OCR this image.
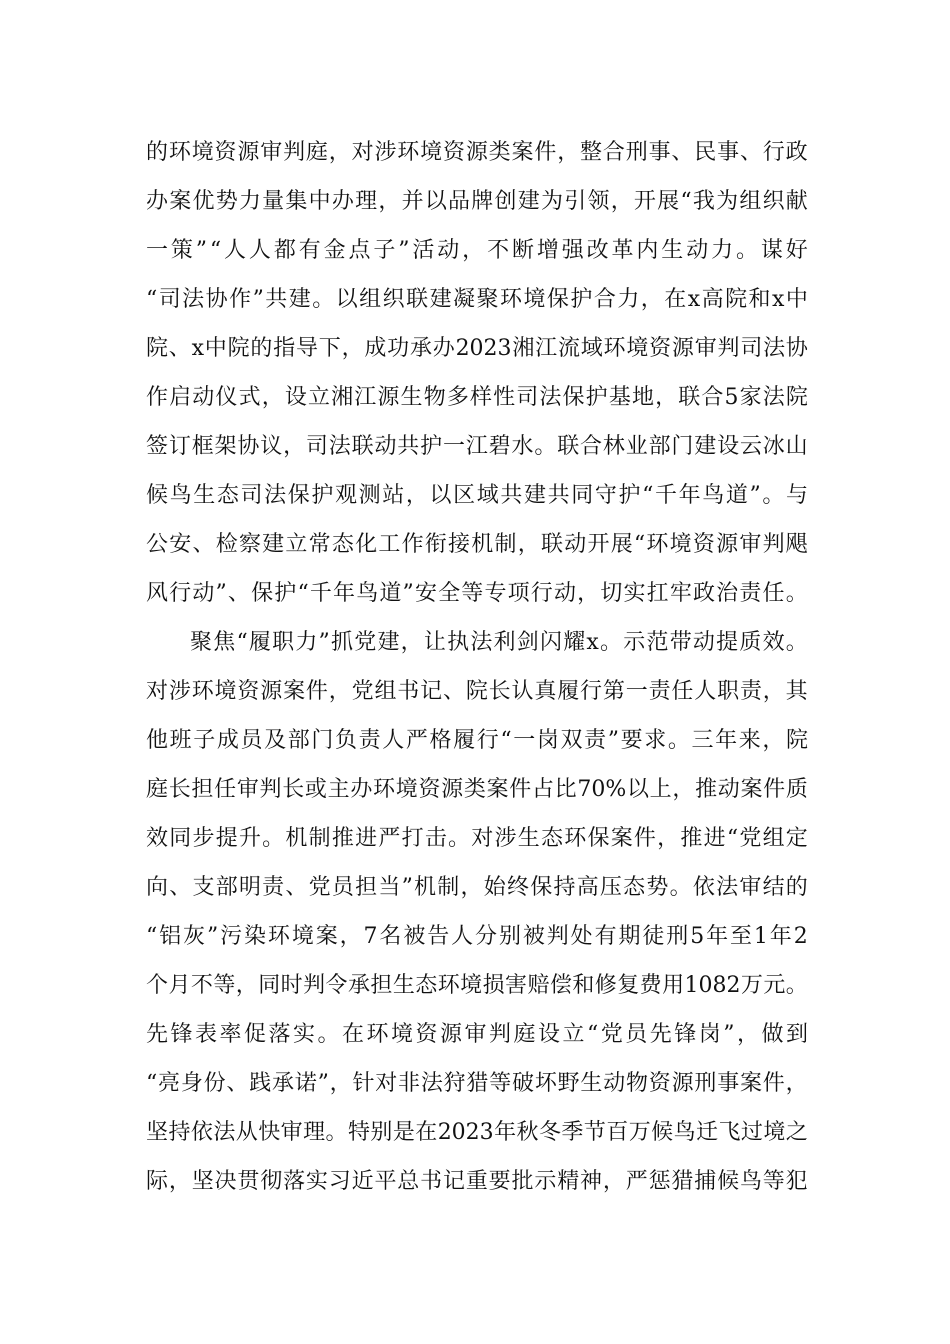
的 环 境 资 源 审 判 庭 ， 对 涉 环 境 资 源 类 案 件 ， 整 合 刑 事 、 民 事 、 行 政
办 案 优 势 力 量 集 中 办 理 ， 并 以 品 牌 创 建 为 引 领 ， 开 展 “ 我 为 组 织 献
一 策 ” “ 人 人 都 有 金 点 子 ” 活 动 ， 不 断 增 强 改 革 内 生 动 力 。 谋 好
“ 司 法 协 作 ” 共 建 。 以 组 织 联 建 凝 聚 环 境 保 护 合 力 ， 在 x 高 院 和 x 中
院 、 x 中 院 的 指 导 下 ， 成 功 承 办 2023 湘 江 流 域 环 境 资 源 审 判 司 法 协
作 启 动 仪 式 ， 设 立 湘 江 源 生 物 多 样 性 司 法 保 护 基 地 ， 联 合 5 家 法 院
签 订 框 架 协 议 ， 司 法 联 动 共 护 一 江 碧 水 。 联 合 林 业 部 门 建 设 云 冰 山
候 鸟 生 态 司 法 保 护 观 测 站 ， 以 区 域 共 建 共 同 守 护 “ 千 年 鸟 道 ” 。 与
公 安 、 检 察 建 立 常 态 化 工 作 衔 接 机 制 ， 联 动 开 展 “ 环 境 资 源 审 判 飓
风 行 动 ” 、 保 护 “ 千 年 鸟 道 ” 安 全 等 专 项 行 动 ， 切 实 扛 牢 政 治 责 任 。
聚 焦 “ 履 职 力 ” 抓 党 建 ， 让 执 法 利 剑 闪 耀 x 。 示 范 带 动 提 质 效 。
对 涉 环 境 资 源 案 件 ， 党 组 书 记 、 院 长 认 真 履 行 第 一 责 任 人 职 责 ， 其
他 班 子 成 员 及 部 门 负 责 人 严 格 履 行 “ 一 岗 双 责 ” 要 求 。 三 年 来 ， 院
庭 长 担 任 审 判 长 或 主 办 环 境 资 源 类 案 件 占 比 70% 以 上 ， 推 动 案 件 质
效 同 步 提 升 。 机 制 推 进 严 打 击 。 对 涉 生 态 环 保 案 件 ， 推 进 “ 党 组 定
向 、 支 部 明 责 、 党 员 担 当 ” 机 制 ， 始 终 保 持 高 压 态 势 。 依 法 审 结 的
“ 铝 灰 ” 污 染 环 境 案 ， 7 名 被 告 人 分 别 被 判 处 有 期 徒 刑 5 年 至 1 年 2
个 月 不 等 ， 同 时 判 令 承 担 生 态 环 境 损 害 赔 偿 和 修 复 费 用 1082 万 元 。
先 锋 表 率 促 落 实 。 在 环 境 资 源 审 判 庭 设 立 “ 党 员 先 锋 岗 ” ， 做 到
“ 亮 身 份 、 践 承 诺 ” ， 针 对 非 法 狩 猎 等 破 坏 野 生 动 物 资 源 刑 事 案 件 ，
坚 持 依 法 从 快 审 理 。 特 别 是 在 2023 年 秋 冬 季 节 百 万 候 鸟 迁 飞 过 境 之
际 ， 坚 决 贯 彻 落 实 习 近 平 总 书 记 重 要 批 示 精 神 ， 严 惩 猎 捕 候 鸟 等 犯
